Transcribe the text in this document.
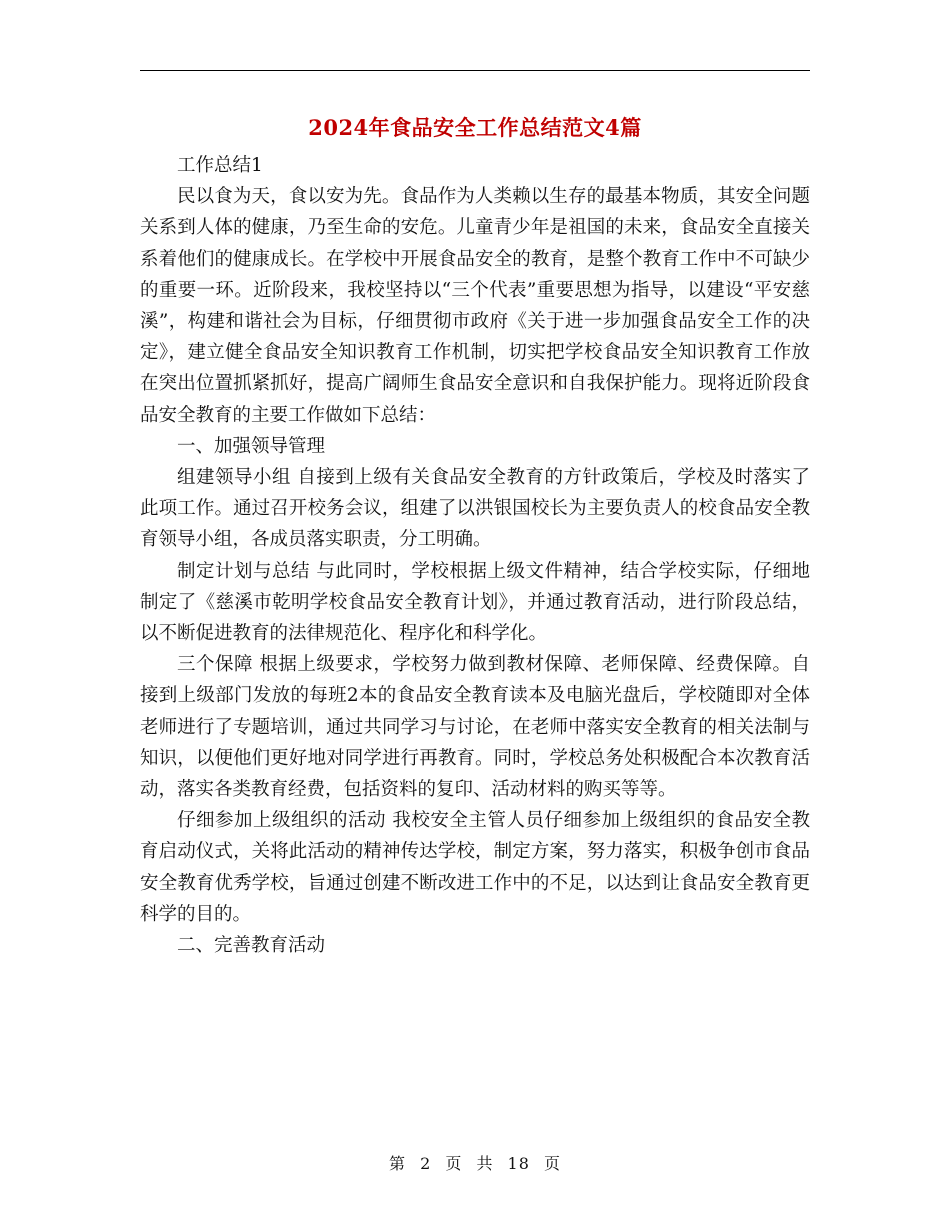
2024年食品安全工作总结范文4篇

工作总结1

民以食为天，食以安为先。食品作为人类赖以生存的最基本物质，其安全问题关系到人体的健康，乃至生命的安危。儿童青少年是祖国的未来，食品安全直接关系着他们的健康成长。在学校中开展食品安全的教育，是整个教育工作中不可缺少的重要一环。近阶段来，我校坚持以“三个代表”重要思想为指导，以建设“平安慈溪”，构建和谐社会为目标，仔细贯彻市政府《关于进一步加强食品安全工作的决定》，建立健全食品安全知识教育工作机制，切实把学校食品安全知识教育工作放在突出位置抓紧抓好，提高广阔师生食品安全意识和自我保护能力。现将近阶段食品安全教育的主要工作做如下总结：

一、加强领导管理

组建领导小组 自接到上级有关食品安全教育的方针政策后，学校及时落实了此项工作。通过召开校务会议，组建了以洪银国校长为主要负责人的校食品安全教育领导小组，各成员落实职责，分工明确。

制定计划与总结 与此同时，学校根据上级文件精神，结合学校实际，仔细地制定了《慈溪市乾明学校食品安全教育计划》，并通过教育活动，进行阶段总结，以不断促进教育的法律规范化、程序化和科学化。

三个保障 根据上级要求，学校努力做到教材保障、老师保障、经费保障。自接到上级部门发放的每班2本的食品安全教育读本及电脑光盘后，学校随即对全体老师进行了专题培训，通过共同学习与讨论，在老师中落实安全教育的相关法制与知识，以便他们更好地对同学进行再教育。同时，学校总务处积极配合本次教育活动，落实各类教育经费，包括资料的复印、活动材料的购买等等。

仔细参加上级组织的活动 我校安全主管人员仔细参加上级组织的食品安全教育启动仪式，关将此活动的精神传达学校，制定方案，努力落实，积极争创市食品安全教育优秀学校，旨通过创建不断改进工作中的不足，以达到让食品安全教育更科学的目的。

二、完善教育活动

第 2 页 共 18 页
